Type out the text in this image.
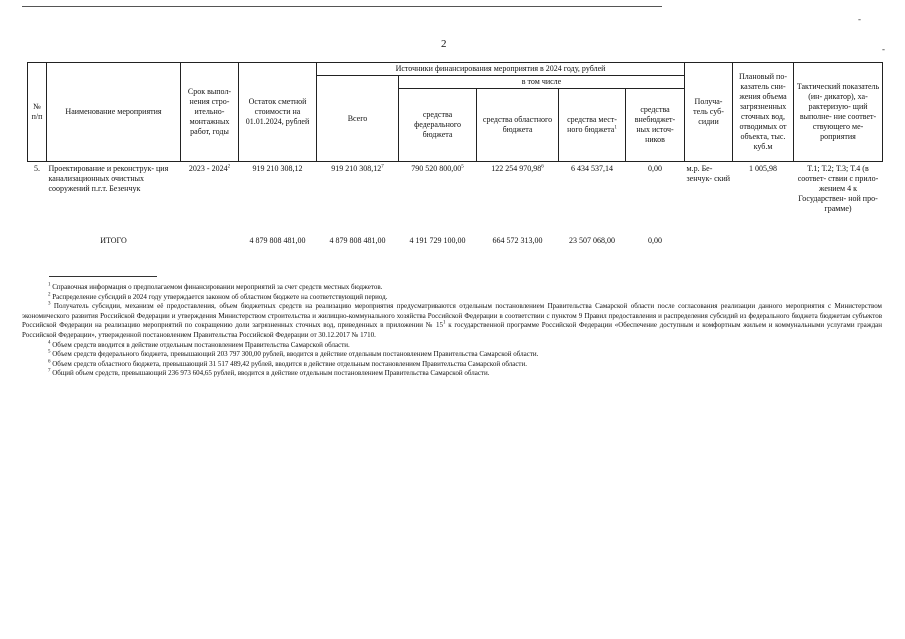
-
-
2
№ п/п	Наименование мероприятия	Срок выпол- нения стро- ительно- монтажных работ, годы	Остаток сметной стоимости на 01.01.2024, рублей	Источники финансирования мероприятия в 2024 году, рублей					Получа- тель суб- сидии	Плановый по- казатель сни- жения объема загрязненных сточных вод, отводимых от объекта, тыс. куб.м	Тактический показатель (ин- дикатор), ха- рактеризую- щий выполне- ние соответ- ствующего ме- роприятия
				Всего	в том числе						
					средства федерального бюджета	средства областного бюджета	средства мест- ного бюджета$^1$	средства внебюджет- ных источ- ников			
5.	Проектирование и реконструк- ция канализационных очистных сооружений п.г.т. Безенчук	2023 - 2024$^2$	919 210 308,12	919 210 308,12$^7$	790 520 800,00$^5$	122 254 970,98$^6$	6 434 537,14	0,00	м.р. Бе- зенчук- ский	1 005,98	Т.1; Т.2; Т.3; Т.4 (в соответ- ствии с прило- жением 4 к Государствен- ной про- грамме)
	ИТОГО		4 879 808 481,00	4 879 808 481,00	4 191 729 100,00	664 572 313,00	23 507 068,00	0,00			
$^1$ Справочная информация о предполагаемом финансировании мероприятий за счет средств местных бюджетов.
$^2$ Распределение субсидий в 2024 году утверждается законом об областном бюджете на соответствующий период.
$^3$ Получатель субсидии, механизм её предоставления, объем бюджетных средств на реализацию мероприятия предусматриваются отдельным постановлением Правительства Самарской области после согласования реализации данного мероприятия с Министерством экономического развития Российской Федерации и утверждения Министерством строительства и жилищно-коммунального хозяйства Российской Федерации в соответствии с пунктом 9 Правил предоставления и распределения субсидий из федерального бюджета бюджетам субъектов Российской Федерации на реализацию мероприятий по сокращению доли загрязненных сточных вод, приведенных в приложении № $15^1$ к государственной программе Российской Федерации «Обеспечение доступным и комфортным жильем и коммунальными услугами граждан Российской Федерации», утвержденной постановлением Правительства Российской Федерации от 30.12.2017 № 1710.
$^4$ Объем средств вводится в действие отдельным постановлением Правительства Самарской области.
$^5$ Объем средств федерального бюджета, превышающий 203 797 300,00 рублей, вводится в действие отдельным постановлением Правительства Самарской области.
$^6$ Объем средств областного бюджета, превышающий 31 517 489,42 рублей, вводится в действие отдельным постановлением Правительства Самарской области.
$^7$ Общий объем средств, превышающий 236 973 604,65 рублей, вводится в действие отдельным постановлением Правительства Самарской области.
